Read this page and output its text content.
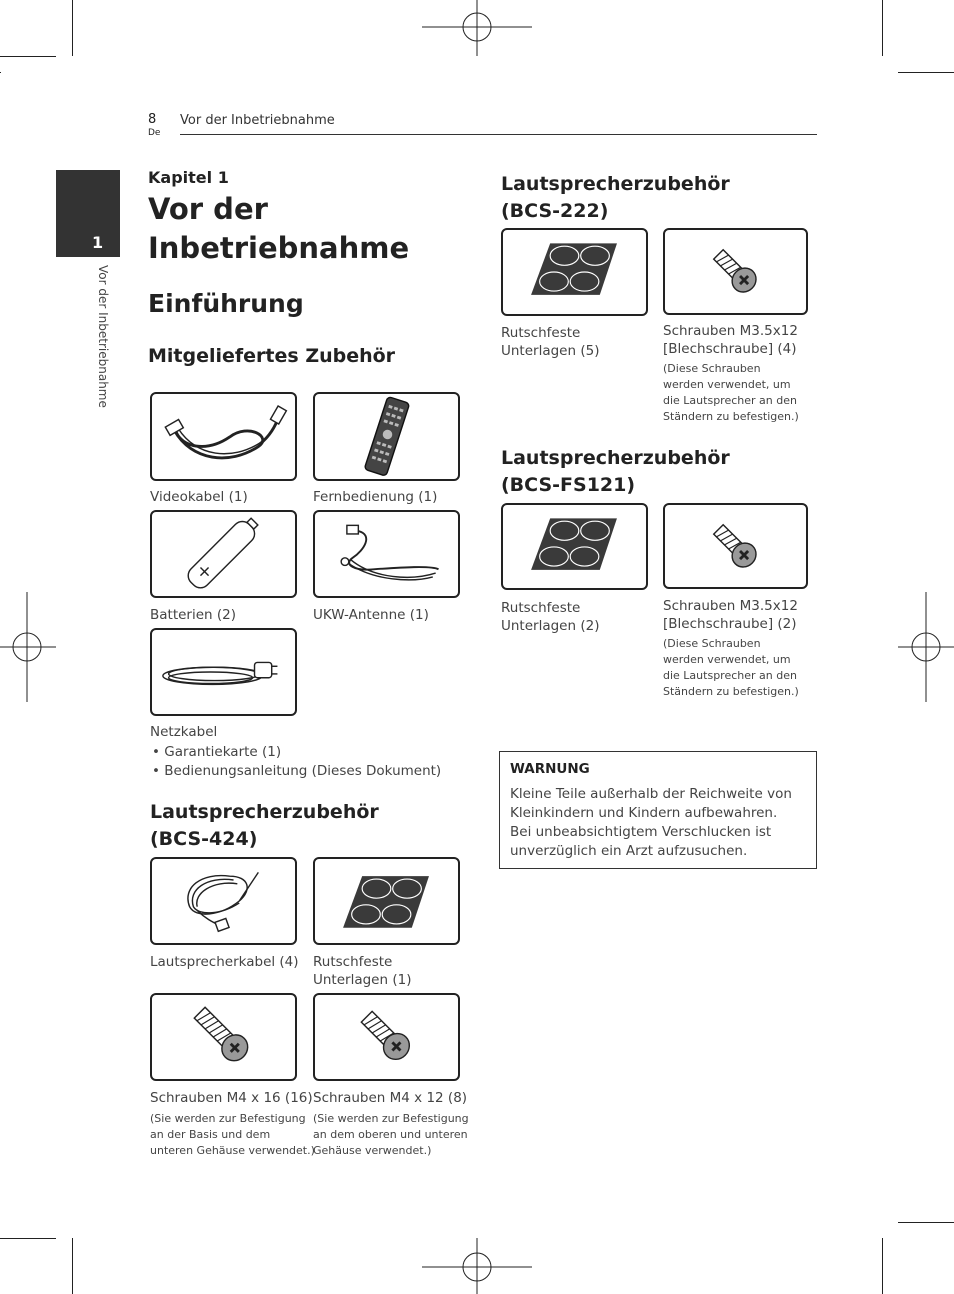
8
De
Vor der Inbetriebnahme
1
Vor der Inbetriebnahme
Kapitel 1
Vor der Inbetriebnahme
Einführung
Mitgeliefertes Zubehör
Videokabel (1)	Fernbedienung (1)
Batterien (2)	UKW-Antenne (1)
Netzkabel
• Garantiekarte (1)
• Bedienungsanleitung (Dieses Dokument)
Lautsprecherzubehör
(BCS-424)
Lautsprecherkabel (4) Rutschfeste
Unterlagen (1)
Schrauben M4 x 16 (16)
(Sie werden zur Befestigung
an der Basis und dem
unteren Gehäuse verwendet.)
Schrauben M4 x 12 (8)
(Sie werden zur Befestigung
an dem oberen und unteren
Gehäuse verwendet.)
Lautsprecherzubehör
(BCS-222)
Rutschfeste
Unterlagen (5)
Schrauben M3.5x12
[Blechschraube] (4)
(Diese Schrauben
werden verwendet, um
die Lautsprecher an den
Ständern zu befestigen.)
Lautsprecherzubehör
(BCS-FS121)
Rutschfeste
Unterlagen (2)
Schrauben M3.5x12
[Blechschraube] (2)
(Diese Schrauben
werden verwendet, um
die Lautsprecher an den
Ständern zu befestigen.)
WARNUNG
Kleine Teile außerhalb der Reichweite von
Kleinkindern und Kindern aufbewahren.
Bei unbeabsichtigtem Verschlucken ist
unverzüglich ein Arzt aufzusuchen.
